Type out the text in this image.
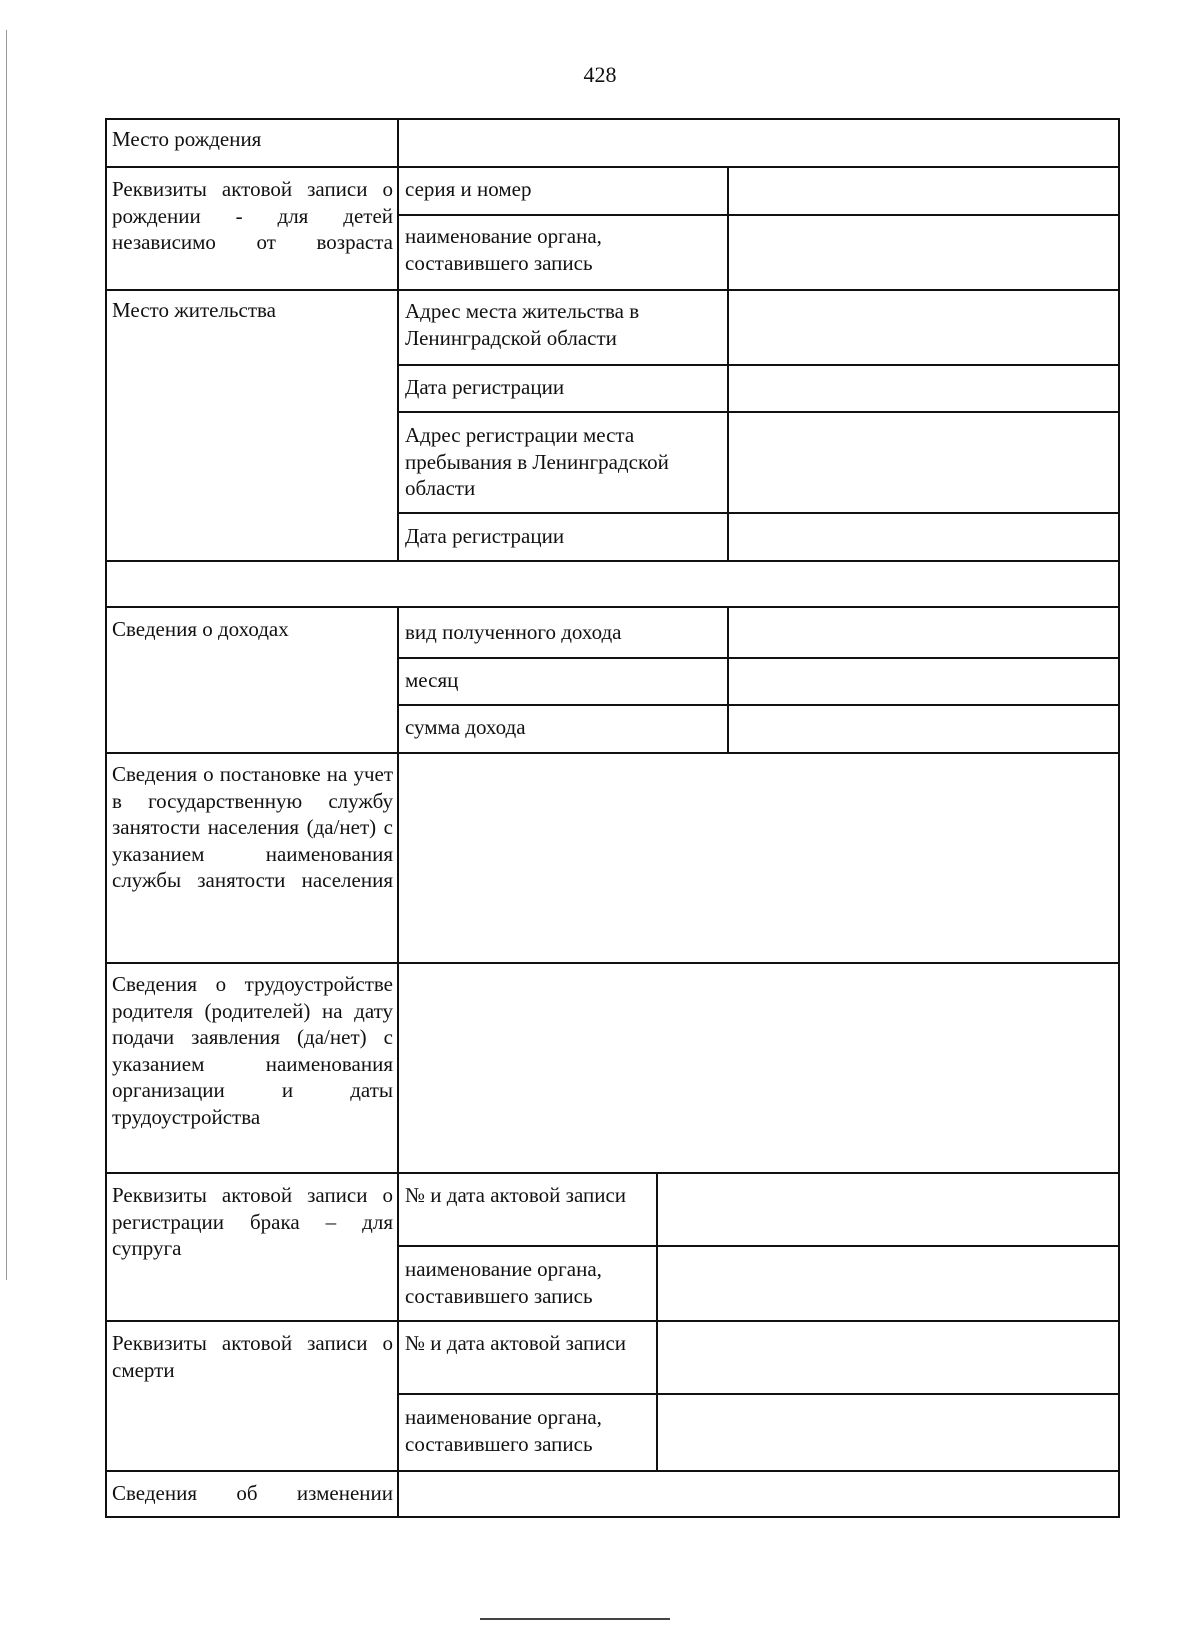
428
Место рождения
Реквизиты актовой записи о рождении - для детей независимо от возраста
серия и номер
наименование органа, составившего запись
Место жительства	Адрес места жительства в Ленинградской области
Дата регистрации
Адрес регистрации места пребывания в Ленинградской области
Дата регистрации
Сведения о доходах	вид полученного дохода
месяц
сумма дохода
Сведения о постановке на учет в государственную службу занятости населения (да/нет) с указанием наименования службы занятости населения
Сведения о трудоустройстве родителя (родителей) на дату подачи заявления (да/нет) с указанием наименования организации и даты трудоустройства
Реквизиты актовой записи о регистрации брака – для супруга
№ и дата актовой записи
наименование органа, составившего запись
Реквизиты актовой записи о смерти
№ и дата актовой записи
наименование органа, составившего запись
Сведения об изменении
